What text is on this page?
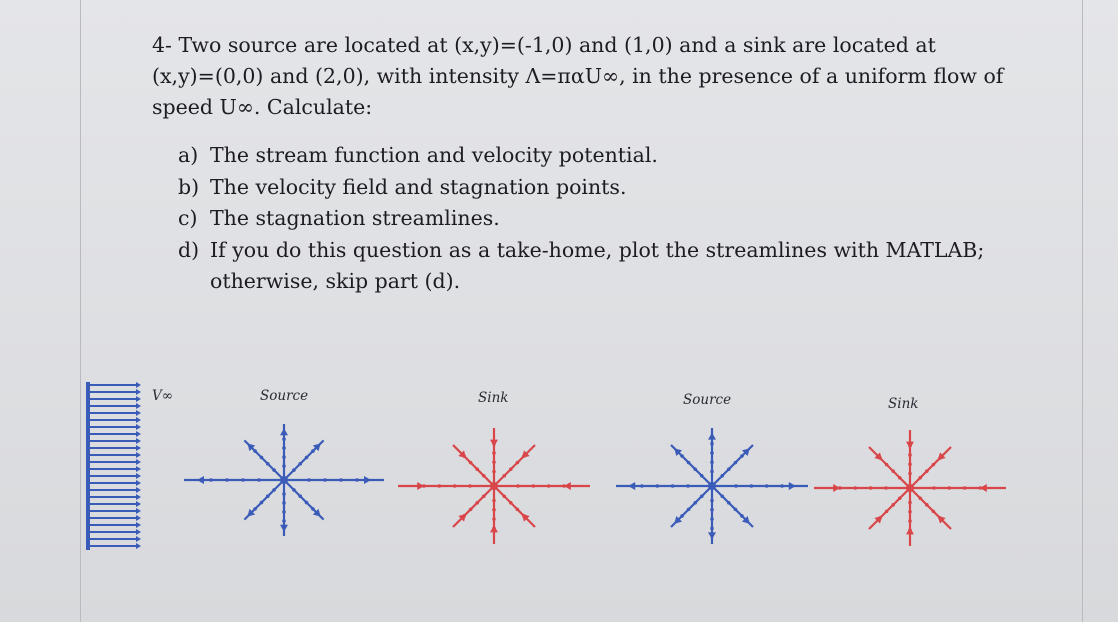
4- Two source are located at (x,y)=(-1,0) and (1,0) and a sink are located at

(x,y)=(0,0) and (2,0), with intensity Λ=παU∞, in the presence of a uniform flow of

speed U∞. Calculate:

a) The stream function and velocity potential.
b) The velocity field and stagnation points.
c) The stagnation streamlines.
d) If you do this question as a take-home, plot the streamlines with MATLAB; otherwise, skip part (d).
V∞	Source	Sink	Source	Sink
